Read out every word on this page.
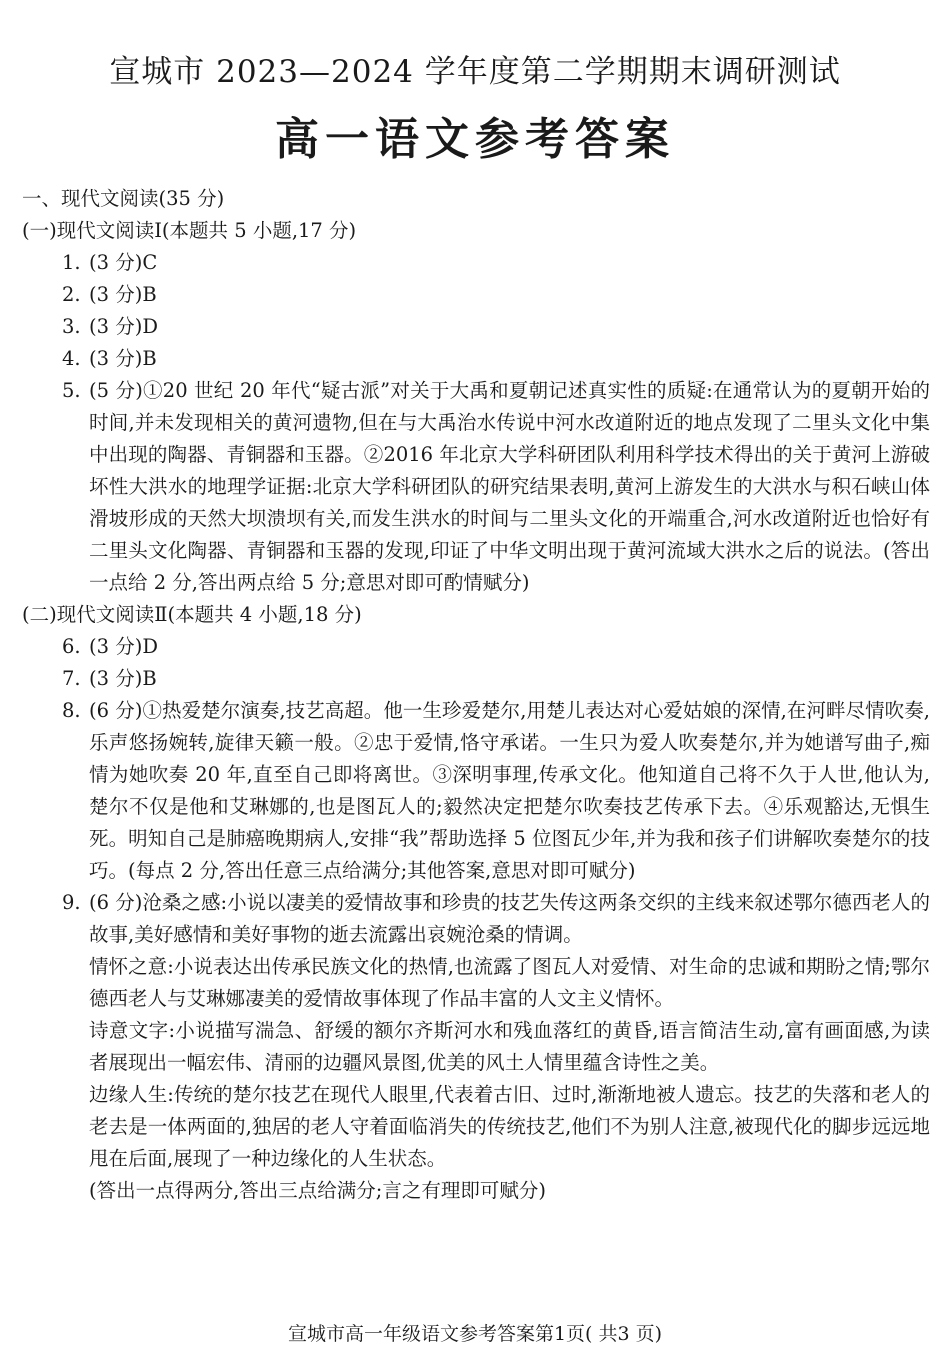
宣城市 2023—2024 学年度第二学期期末调研测试
高一语文参考答案
一、现代文阅读(35 分)
(一)现代文阅读Ⅰ(本题共 5 小题,17 分)
1. (3 分)C
2. (3 分)B
3. (3 分)D
4. (3 分)B
5. (5 分)①20 世纪 20 年代“疑古派”对关于大禹和夏朝记述真实性的质疑:在通常认为的夏朝开始的时间,并未发现相关的黄河遗物,但在与大禹治水传说中河水改道附近的地点发现了二里头文化中集中出现的陶器、青铜器和玉器。②2016 年北京大学科研团队利用科学技术得出的关于黄河上游破坏性大洪水的地理学证据:北京大学科研团队的研究结果表明,黄河上游发生的大洪水与积石峡山体滑坡形成的天然大坝溃坝有关,而发生洪水的时间与二里头文化的开端重合,河水改道附近也恰好有二里头文化陶器、青铜器和玉器的发现,印证了中华文明出现于黄河流域大洪水之后的说法。(答出一点给 2 分,答出两点给 5 分;意思对即可酌情赋分)
(二)现代文阅读Ⅱ(本题共 4 小题,18 分)
6. (3 分)D
7. (3 分)B
8. (6 分)①热爱楚尔演奏,技艺高超。他一生珍爱楚尔,用楚儿表达对心爱姑娘的深情,在河畔尽情吹奏,乐声悠扬婉转,旋律天籁一般。②忠于爱情,恪守承诺。一生只为爱人吹奏楚尔,并为她谱写曲子,痴情为她吹奏 20 年,直至自己即将离世。③深明事理,传承文化。他知道自己将不久于人世,他认为,楚尔不仅是他和艾琳娜的,也是图瓦人的;毅然决定把楚尔吹奏技艺传承下去。④乐观豁达,无惧生死。明知自己是肺癌晚期病人,安排“我”帮助选择 5 位图瓦少年,并为我和孩子们讲解吹奏楚尔的技巧。(每点 2 分,答出任意三点给满分;其他答案,意思对即可赋分)
9. (6 分)沧桑之感:小说以凄美的爱情故事和珍贵的技艺失传这两条交织的主线来叙述鄂尔德西老人的故事,美好感情和美好事物的逝去流露出哀婉沧桑的情调。
情怀之意:小说表达出传承民族文化的热情,也流露了图瓦人对爱情、对生命的忠诚和期盼之情;鄂尔德西老人与艾琳娜凄美的爱情故事体现了作品丰富的人文主义情怀。
诗意文字:小说描写湍急、舒缓的额尔齐斯河水和残血落红的黄昏,语言简洁生动,富有画面感,为读者展现出一幅宏伟、清丽的边疆风景图,优美的风土人情里蕴含诗性之美。
边缘人生:传统的楚尔技艺在现代人眼里,代表着古旧、过时,渐渐地被人遗忘。技艺的失落和老人的老去是一体两面的,独居的老人守着面临消失的传统技艺,他们不为别人注意,被现代化的脚步远远地甩在后面,展现了一种边缘化的人生状态。
(答出一点得两分,答出三点给满分;言之有理即可赋分)
宣城市高一年级语文参考答案第1页( 共3 页)
